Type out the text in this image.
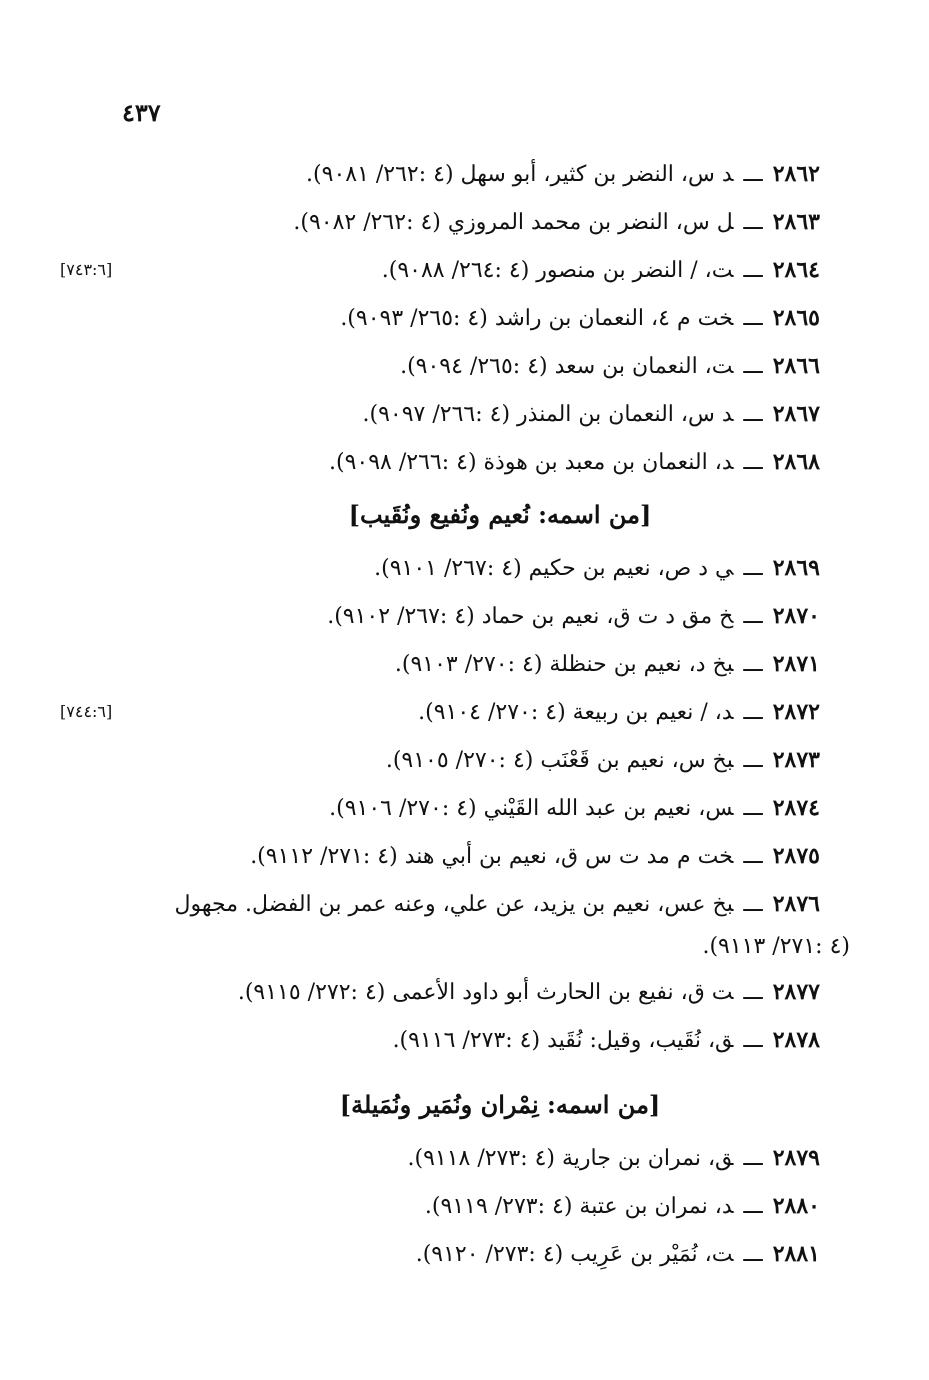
٤٣٧
٢٨٦٢ـــد س، النضر بن كثير، أبو سهل (٤ :٢٦٢/ ٩٠٨١).
٢٨٦٣ـــل س، النضر بن محمد المروزي (٤ :٢٦٢/ ٩٠٨٢).
٢٨٦٤ـــت، / النضر بن منصور (٤ :٢٦٤/ ٩٠٨٨).
[٧٤٣:٦]
٢٨٦٥ـــخت م ٤، النعمان بن راشد (٤ :٢٦٥/ ٩٠٩٣).
٢٨٦٦ـــت، النعمان بن سعد (٤ :٢٦٥/ ٩٠٩٤).
٢٨٦٧ـــد س، النعمان بن المنذر (٤ :٢٦٦/ ٩٠٩٧).
٢٨٦٨ـــد، النعمان بن معبد بن هوذة (٤ :٢٦٦/ ٩٠٩٨).
[من اسمه: نُعيم ونُفيع ونُقَيب]
٢٨٦٩ـــي د ص، نعيم بن حكيم (٤ :٢٦٧/ ٩١٠١).
٢٨٧٠ـــخ مق د ت ق، نعيم بن حماد (٤ :٢٦٧/ ٩١٠٢).
٢٨٧١ـــبخ د، نعيم بن حنظلة (٤ :٢٧٠/ ٩١٠٣).
٢٨٧٢ـــد، / نعيم بن ربيعة (٤ :٢٧٠/ ٩١٠٤).
[٧٤٤:٦]
٢٨٧٣ـــبخ س، نعيم بن قَعْنَب (٤ :٢٧٠/ ٩١٠٥).
٢٨٧٤ـــس، نعيم بن عبد الله القَيْني (٤ :٢٧٠/ ٩١٠٦).
٢٨٧٥ـــخت م مد ت س ق، نعيم بن أبي هند (٤ :٢٧١/ ٩١١٢).
٢٨٧٦ـــبخ عس، نعيم بن يزيد، عن علي، وعنه عمر بن الفضل. مجهول
(٤ :٢٧١/ ٩١١٣).
٢٨٧٧ـــت ق، نفيع بن الحارث أبو داود الأعمى (٤ :٢٧٢/ ٩١١٥).
٢٨٧٨ـــق، نُقَيب، وقيل: نُقَيد (٤ :٢٧٣/ ٩١١٦).
[من اسمه: نِمْران ونُمَير ونُمَيلة]
٢٨٧٩ـــق، نمران بن جارية (٤ :٢٧٣/ ٩١١٨).
٢٨٨٠ـــد، نمران بن عتبة (٤ :٢٧٣/ ٩١١٩).
٢٨٨١ـــت، نُمَيْر بن عَرِيب (٤ :٢٧٣/ ٩١٢٠).
